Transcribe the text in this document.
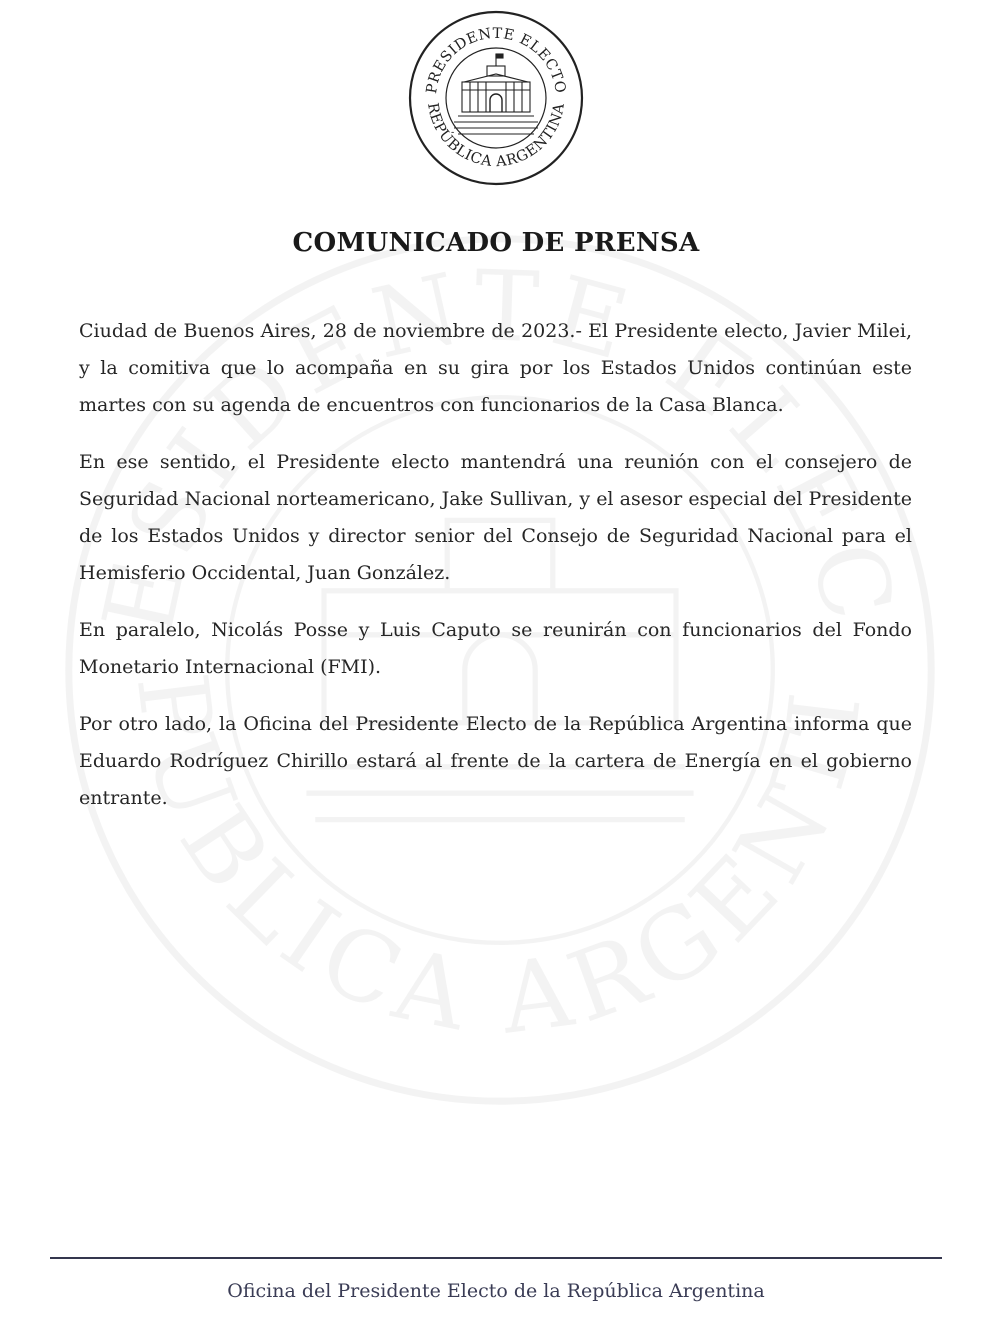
PRESIDENTE ELECTO
REPÚBLICA ARGENTINA
COMUNICADO DE PRENSA

Ciudad de Buenos Aires, 28 de noviembre de 2023.- El Presidente electo, Javier Milei, y la comitiva que lo acompaña en su gira por los Estados Unidos continúan este martes con su agenda de encuentros con funcionarios de la Casa Blanca.

En ese sentido, el Presidente electo mantendrá una reunión con el consejero de Seguridad Nacional norteamericano, Jake Sullivan, y el asesor especial del Presidente de los Estados Unidos y director senior del Consejo de Seguridad Nacional para el Hemisferio Occidental, Juan González.

En paralelo, Nicolás Posse y Luis Caputo se reunirán con funcionarios del Fondo Monetario Internacional (FMI).

Por otro lado, la Oficina del Presidente Electo de la República Argentina informa que Eduardo Rodríguez Chirillo estará al frente de la cartera de Energía en el gobierno entrante.

Oficina del Presidente Electo de la República Argentina
